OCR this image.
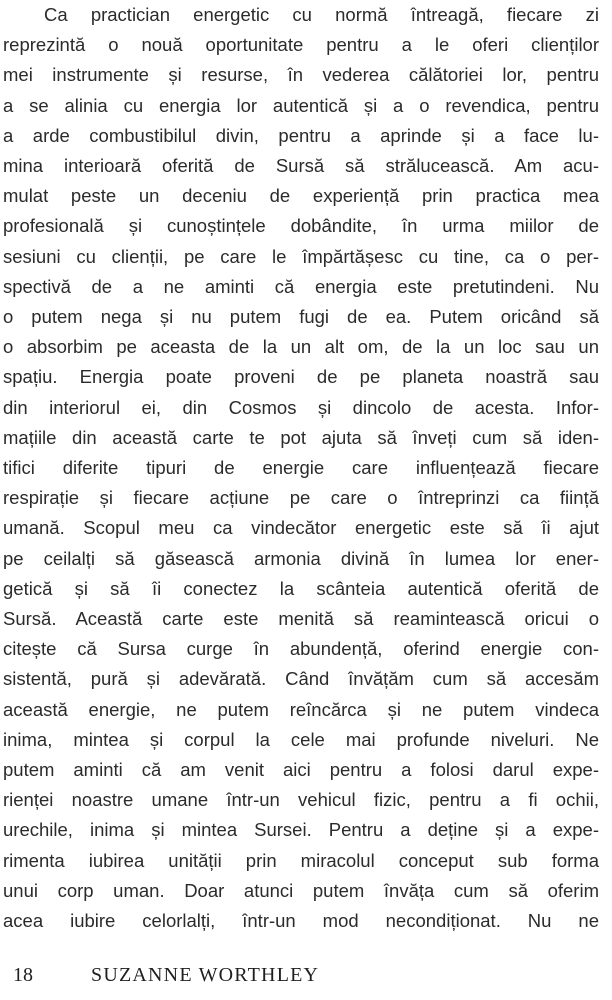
Ca practician energetic cu normă întreagă, fiecare zi
reprezintă o nouă oportunitate pentru a le oferi clienților
mei instrumente și resurse, în vederea călătoriei lor, pentru
a se alinia cu energia lor autentică și a o revendica, pentru
a arde combustibilul divin, pentru a aprinde și a face lu-
mina interioară oferită de Sursă să strălucească. Am acu-
mulat peste un deceniu de experiență prin practica mea
profesională și cunoștințele dobândite, în urma miilor de
sesiuni cu clienții, pe care le împărtășesc cu tine, ca o per-
spectivă de a ne aminti că energia este pretutindeni. Nu
o putem nega și nu putem fugi de ea. Putem oricând să
o absorbim pe aceasta de la un alt om, de la un loc sau un
spațiu. Energia poate proveni de pe planeta noastră sau
din interiorul ei, din Cosmos și dincolo de acesta. Infor-
mațiile din această carte te pot ajuta să înveți cum să iden-
tifici diferite tipuri de energie care influențează fiecare
respirație și fiecare acțiune pe care o întreprinzi ca ființă
umană. Scopul meu ca vindecător energetic este să îi ajut
pe ceilalți să găsească armonia divină în lumea lor ener-
getică și să îi conectez la scânteia autentică oferită de
Sursă. Această carte este menită să reamintească oricui o
citește că Sursa curge în abundență, oferind energie con-
sistentă, pură și adevărată. Când învățăm cum să accesăm
această energie, ne putem reîncărca și ne putem vindeca
inima, mintea și corpul la cele mai profunde niveluri. Ne
putem aminti că am venit aici pentru a folosi darul expe-
rienței noastre umane într-un vehicul fizic, pentru a fi ochii,
urechile, inima și mintea Sursei. Pentru a deține și a expe-
rimenta iubirea unității prin miracolul conceput sub forma
unui corp uman. Doar atunci putem învăța cum să oferim
acea iubire celorlalți, într-un mod necondiționat. Nu ne
18	SUZANNE WORTHLEY
